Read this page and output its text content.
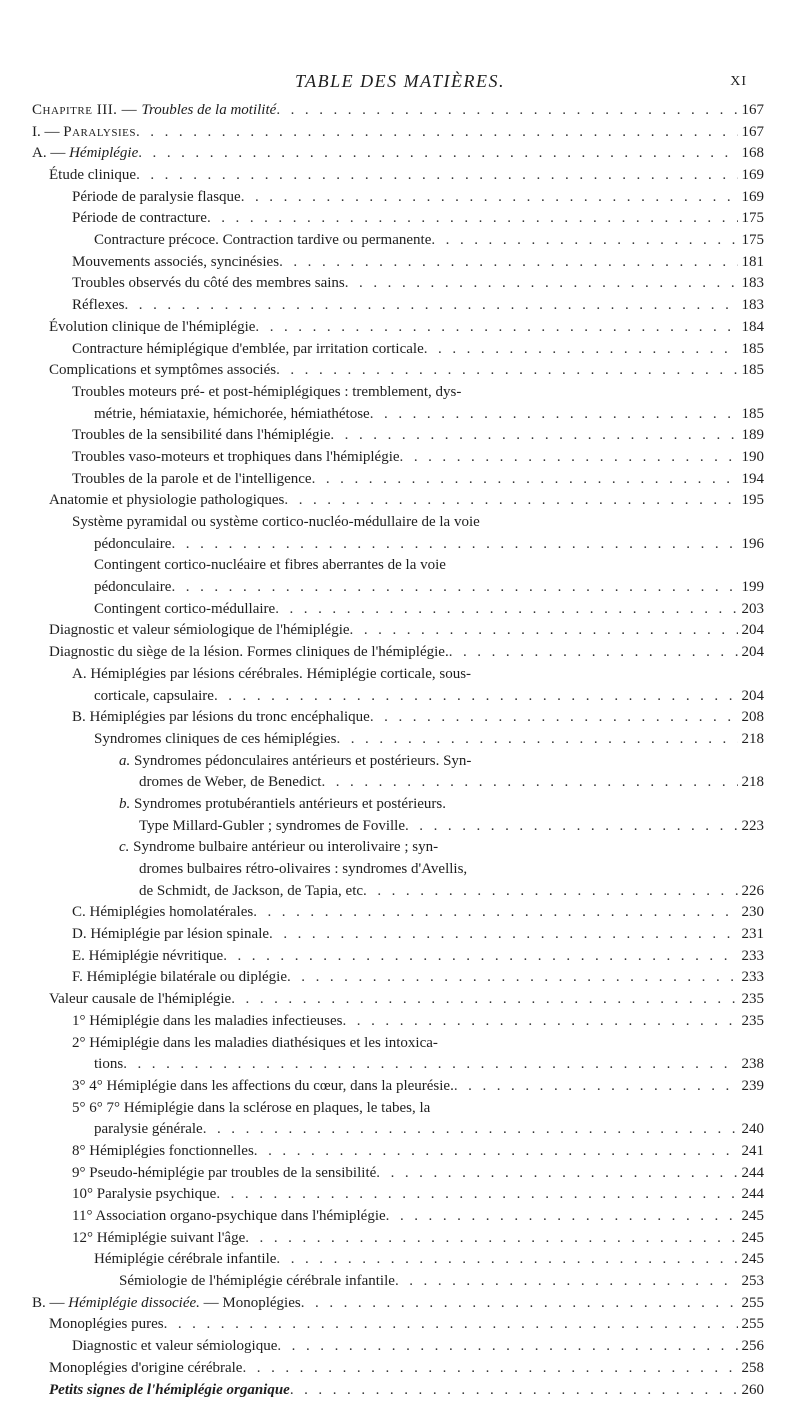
TABLE DES MATIÈRES.	XI
Chapitre III. — Troubles de la motilité . . .	167
I. — Paralysies . . .	167
A. — Hémiplégie . . .	168
Étude clinique . . .	169
Période de paralysie flasque . . .	169
Période de contracture . . .	175
Contracture précoce. Contraction tardive ou permanente . . .	175
Mouvements associés, syncinésies . . .	181
Troubles observés du côté des membres sains . . .	183
Réflexes . . .	183
Évolution clinique de l'hémiplégie . . .	184
Contracture hémiplégique d'emblée, par irritation corticale . . .	185
Complications et symptômes associés . . .	185
Troubles moteurs pré- et post-hémiplégiques : tremblement, dys-
métrie, hémiataxie, hémichorée, hémiathétose . . .	185
Troubles de la sensibilité dans l'hémiplégie . . .	189
Troubles vaso-moteurs et trophiques dans l'hémiplégie . . .	190
Troubles de la parole et de l'intelligence . . .	194
Anatomie et physiologie pathologiques . . .	195
Système pyramidal ou système cortico-nucléo-médullaire de la voie
pédonculaire . . .	196
Contingent cortico-nucléaire et fibres aberrantes de la voie
pédonculaire . . .	199
Contingent cortico-médullaire . . .	203
Diagnostic et valeur sémiologique de l'hémiplégie . . .	204
Diagnostic du siège de la lésion. Formes cliniques de l'hémiplégie. . . .	204
A. Hémiplégies par lésions cérébrales. Hémiplégie corticale, sous-
corticale, capsulaire . . .	204
B. Hémiplégies par lésions du tronc encéphalique . . .	208
Syndromes cliniques de ces hémiplégies . . .	218
a. Syndromes pédonculaires antérieurs et postérieurs. Syn-
dromes de Weber, de Benedict . . .	218
b. Syndromes protubérantiels antérieurs et postérieurs.
Type Millard-Gubler ; syndromes de Foville . . .	223
c. Syndrome bulbaire antérieur ou interolivaire ; syn-
dromes bulbaires rétro-olivaires : syndromes d'Avellis,
de Schmidt, de Jackson, de Tapia, etc . . .	226
C. Hémiplégies homolatérales . . .	230
D. Hémiplégie par lésion spinale . . .	231
E. Hémiplégie névritique . . .	233
F. Hémiplégie bilatérale ou diplégie . . .	233
Valeur causale de l'hémiplégie . . .	235
1° Hémiplégie dans les maladies infectieuses . . .	235
2° Hémiplégie dans les maladies diathésiques et les intoxica-
tions . . .	238
3° 4° Hémiplégie dans les affections du cœur, dans la pleurésie. . . .	239
5° 6° 7° Hémiplégie dans la sclérose en plaques, le tabes, la
paralysie générale . . .	240
8° Hémiplégies fonctionnelles . . .	241
9° Pseudo-hémiplégie par troubles de la sensibilité . . .	244
10° Paralysie psychique . . .	244
11° Association organo-psychique dans l'hémiplégie . . .	245
12° Hémiplégie suivant l'âge . . .	245
Hémiplégie cérébrale infantile . . .	245
Sémiologie de l'hémiplégie cérébrale infantile . . .	253
B. — Hémiplégie dissociée. — Monoplégies . . .	255
Monoplégies pures . . .	255
Diagnostic et valeur sémiologique . . .	256
Monoplégies d'origine cérébrale . . .	258
Petits signes de l'hémiplégie organique . . .	260
